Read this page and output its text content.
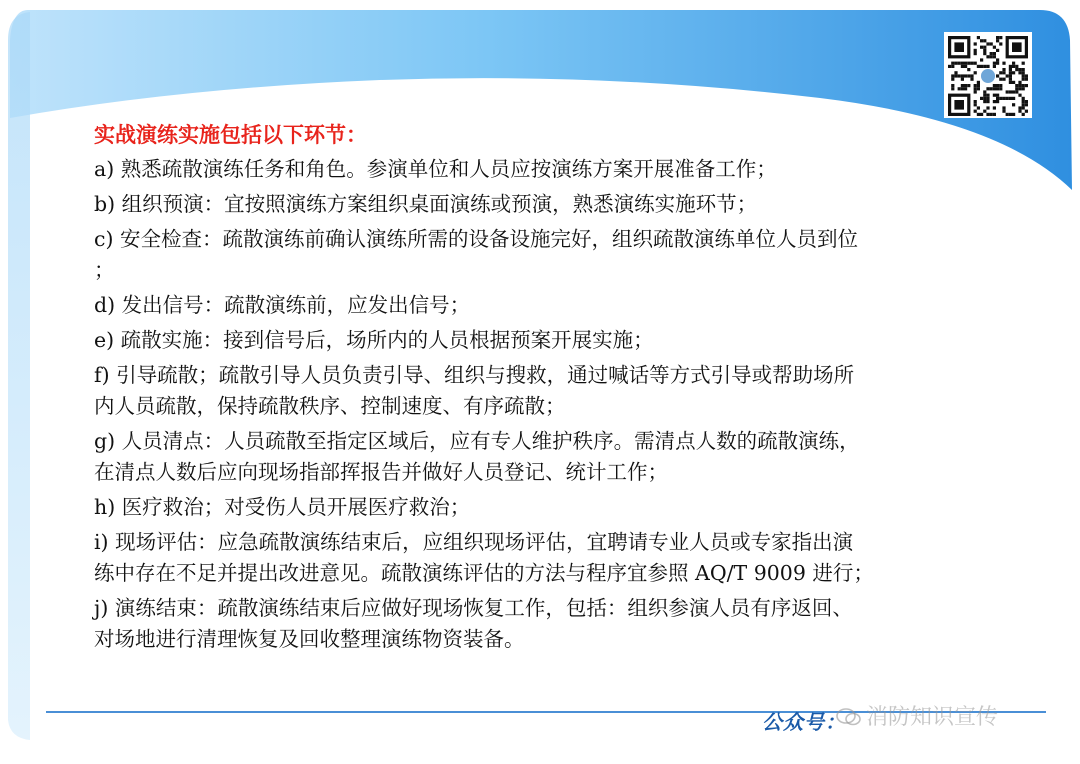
实战演练实施包括以下环节：
a) 熟悉疏散演练任务和角色。参演单位和人员应按演练方案开展准备工作；
b) 组织预演：宜按照演练方案组织桌面演练或预演，熟悉演练实施环节；
c) 安全检查：疏散演练前确认演练所需的设备设施完好，组织疏散演练单位人员到位
；
d) 发出信号：疏散演练前，应发出信号；
e) 疏散实施：接到信号后，场所内的人员根据预案开展实施；
f) 引导疏散；疏散引导人员负责引导、组织与搜救，通过喊话等方式引导或帮助场所
内人员疏散，保持疏散秩序、控制速度、有序疏散；
g) 人员清点：人员疏散至指定区域后，应有专人维护秩序。需清点人数的疏散演练，
在清点人数后应向现场指部挥报告并做好人员登记、统计工作；
h) 医疗救治；对受伤人员开展医疗救治；
i) 现场评估：应急疏散演练结束后，应组织现场评估，宜聘请专业人员或专家指出演
练中存在不足并提出改进意见。疏散演练评估的方法与程序宜参照 AQ/T 9009 进行；
j) 演练结束：疏散演练结束后应做好现场恢复工作，包括：组织参演人员有序返回、
对场地进行清理恢复及回收整理演练物资装备。
公众号： 消防知识宣传
